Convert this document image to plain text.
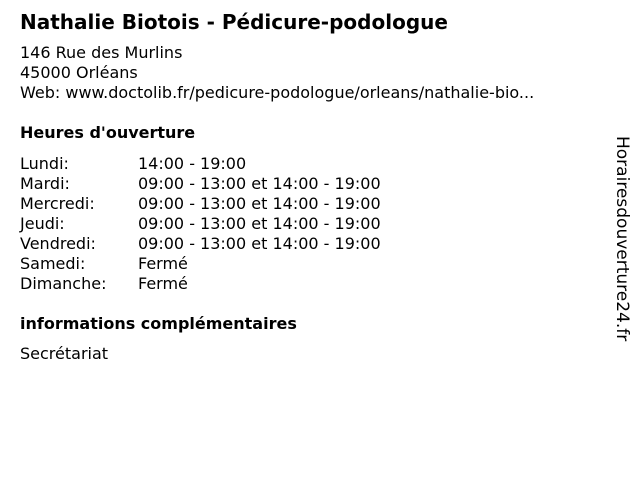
Nathalie Biotois - Pédicure-podologue
146 Rue des Murlins
45000 Orléans
Web: www.doctolib.fr/pedicure-podologue/orleans/nathalie-bio...
Heures d'ouverture
Lundi:	14:00 - 19:00
Mardi:	09:00 - 13:00 et 14:00 - 19:00
Mercredi:	09:00 - 13:00 et 14:00 - 19:00
Jeudi:	09:00 - 13:00 et 14:00 - 19:00
Vendredi:	09:00 - 13:00 et 14:00 - 19:00
Samedi:	Fermé
Dimanche: Fermé
informations complémentaires
Secrétariat
Horairesdouverture24.fr
